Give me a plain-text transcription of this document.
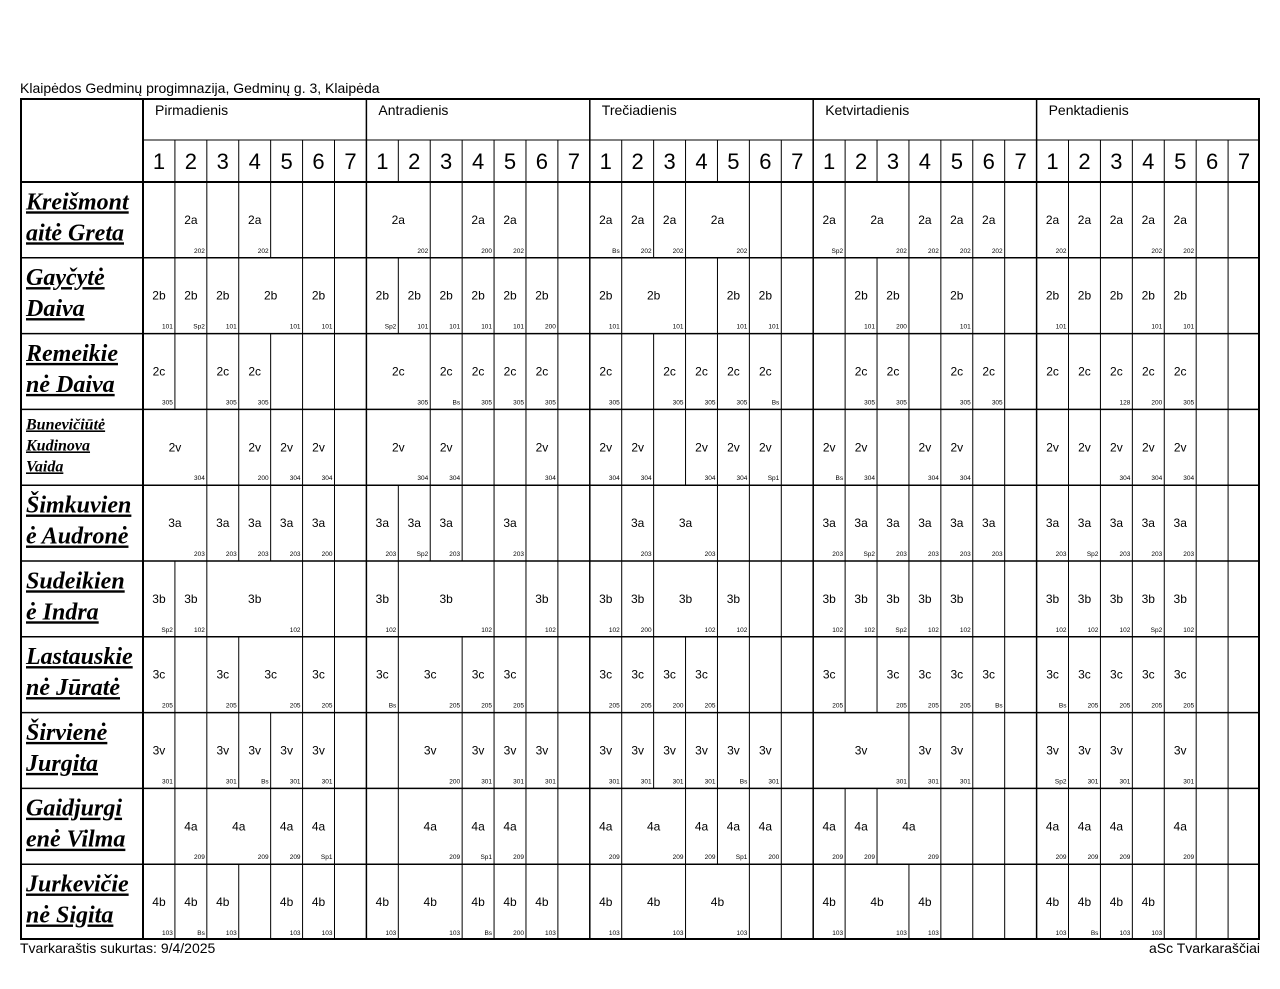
Klaipėdos Gedminų progimnazija, Gedminų g. 3, Klaipėda
Pirmadienis
1 2 3 4 5 6 7
Antradienis
1 2 3 4 5 6 7
Trečiadienis
1 2 3 4 5 6 7
Ketvirtadienis
1 2 3 4 5 6 7
Penktadienis
1 2 3 4 5 6 7
Kreišmont
aitė Greta
2a
202
2a
202
2a
202
2a
200
2a
202
2a
Bs
2a
202
2a
202
2a
202
2a
Sp2
2a
202
2a
202
2a
202
2a
202
2a
202
2a 2a 2a
202
2a
202
Gayčytė
Daiva
2b
101
2b
Sp2
2b
101
2b
101
2b
101
2b
Sp2
2b
101
2b
101
2b
101
2b
101
2b
200
2b
101
2b
101
2b
101
2b
101
2b
101
2b
200
2b
101
2b
101
2b 2b 2b
101
2b
101
Remeikie
nė Daiva
2c
305
2c
305
2c
305
2c
305
2c
Bs
2c
305
2c
305
2c
305
2c
305
2c
305
2c
305
2c
305
2c
Bs
2c
305
2c
305
2c
305
2c
305
2c 2c 2c
128
2c
200
2c
305
Bunevičiūtė
Kudinova
Vaida
2v
304
2v
200
2v
304
2v
304
2v
304
2v
304
2v
304
2v
304
2v
304
2v
304
2v
304
2v
Sp1
2v
Bs
2v
304
2v
304
2v
304
2v 2v 2v
304
2v
304
2v
304
Šimkuvien
ė Audronė
3a
203
3a
203
3a
203
3a
203
3a
200
3a
203
3a
Sp2
3a
203
3a
203
3a
203
3a
203
3a
203
3a
Sp2
3a
203
3a
203
3a
203
3a
203
3a
203
3a
Sp2
3a
203
3a
203
3a
203
Sudeikien
ė Indra
3b
Sp2
3b
102
3b
102
3b
102
3b
102
3b
102
3b
102
3b
200
3b
102
3b
102
3b
102
3b
102
3b
Sp2
3b
102
3b
102
3b
102
3b
102
3b
102
3b
Sp2
3b
102
Lastauskie
nė Jūratė
3c
205
3c
205
3c
205
3c
205
3c
Bs
3c
205
3c
205
3c
205
3c
205
3c
205
3c
200
3c
205
3c
205
3c
205
3c
205
3c
205
3c
Bs
3c
Bs
3c
205
3c
205
3c
205
3c
205
Širvienė
Jurgita
3v
301
3v
301
3v
Bs
3v
301
3v
301
3v
200
3v
301
3v
301
3v
301
3v
301
3v
301
3v
301
3v
301
3v
Bs
3v
301
3v
301
3v
301
3v
301
3v
Sp2
3v
301
3v
301
3v
301
Gaidjurgi
enė Vilma
4a
209
4a
209
4a
209
4a
Sp1
4a
209
4a
Sp1
4a
209
4a
209
4a
209
4a
209
4a
Sp1
4a
200
4a
209
4a
209
4a
209
4a
209
4a
209
4a
209
4a
209
Jurkevičie
nė Sigita
4b
103
4b
Bs
4b
103
4b
103
4b
103
4b
103
4b
103
4b
Bs
4b
200
4b
103
4b
103
4b
103
4b
103
4b
103
4b
103
4b
103
4b
103
4b
Bs
4b
103
4b
103
Tvarkaraštis sukurtas: 9/4/2025	aSc Tvarkaraščiai
